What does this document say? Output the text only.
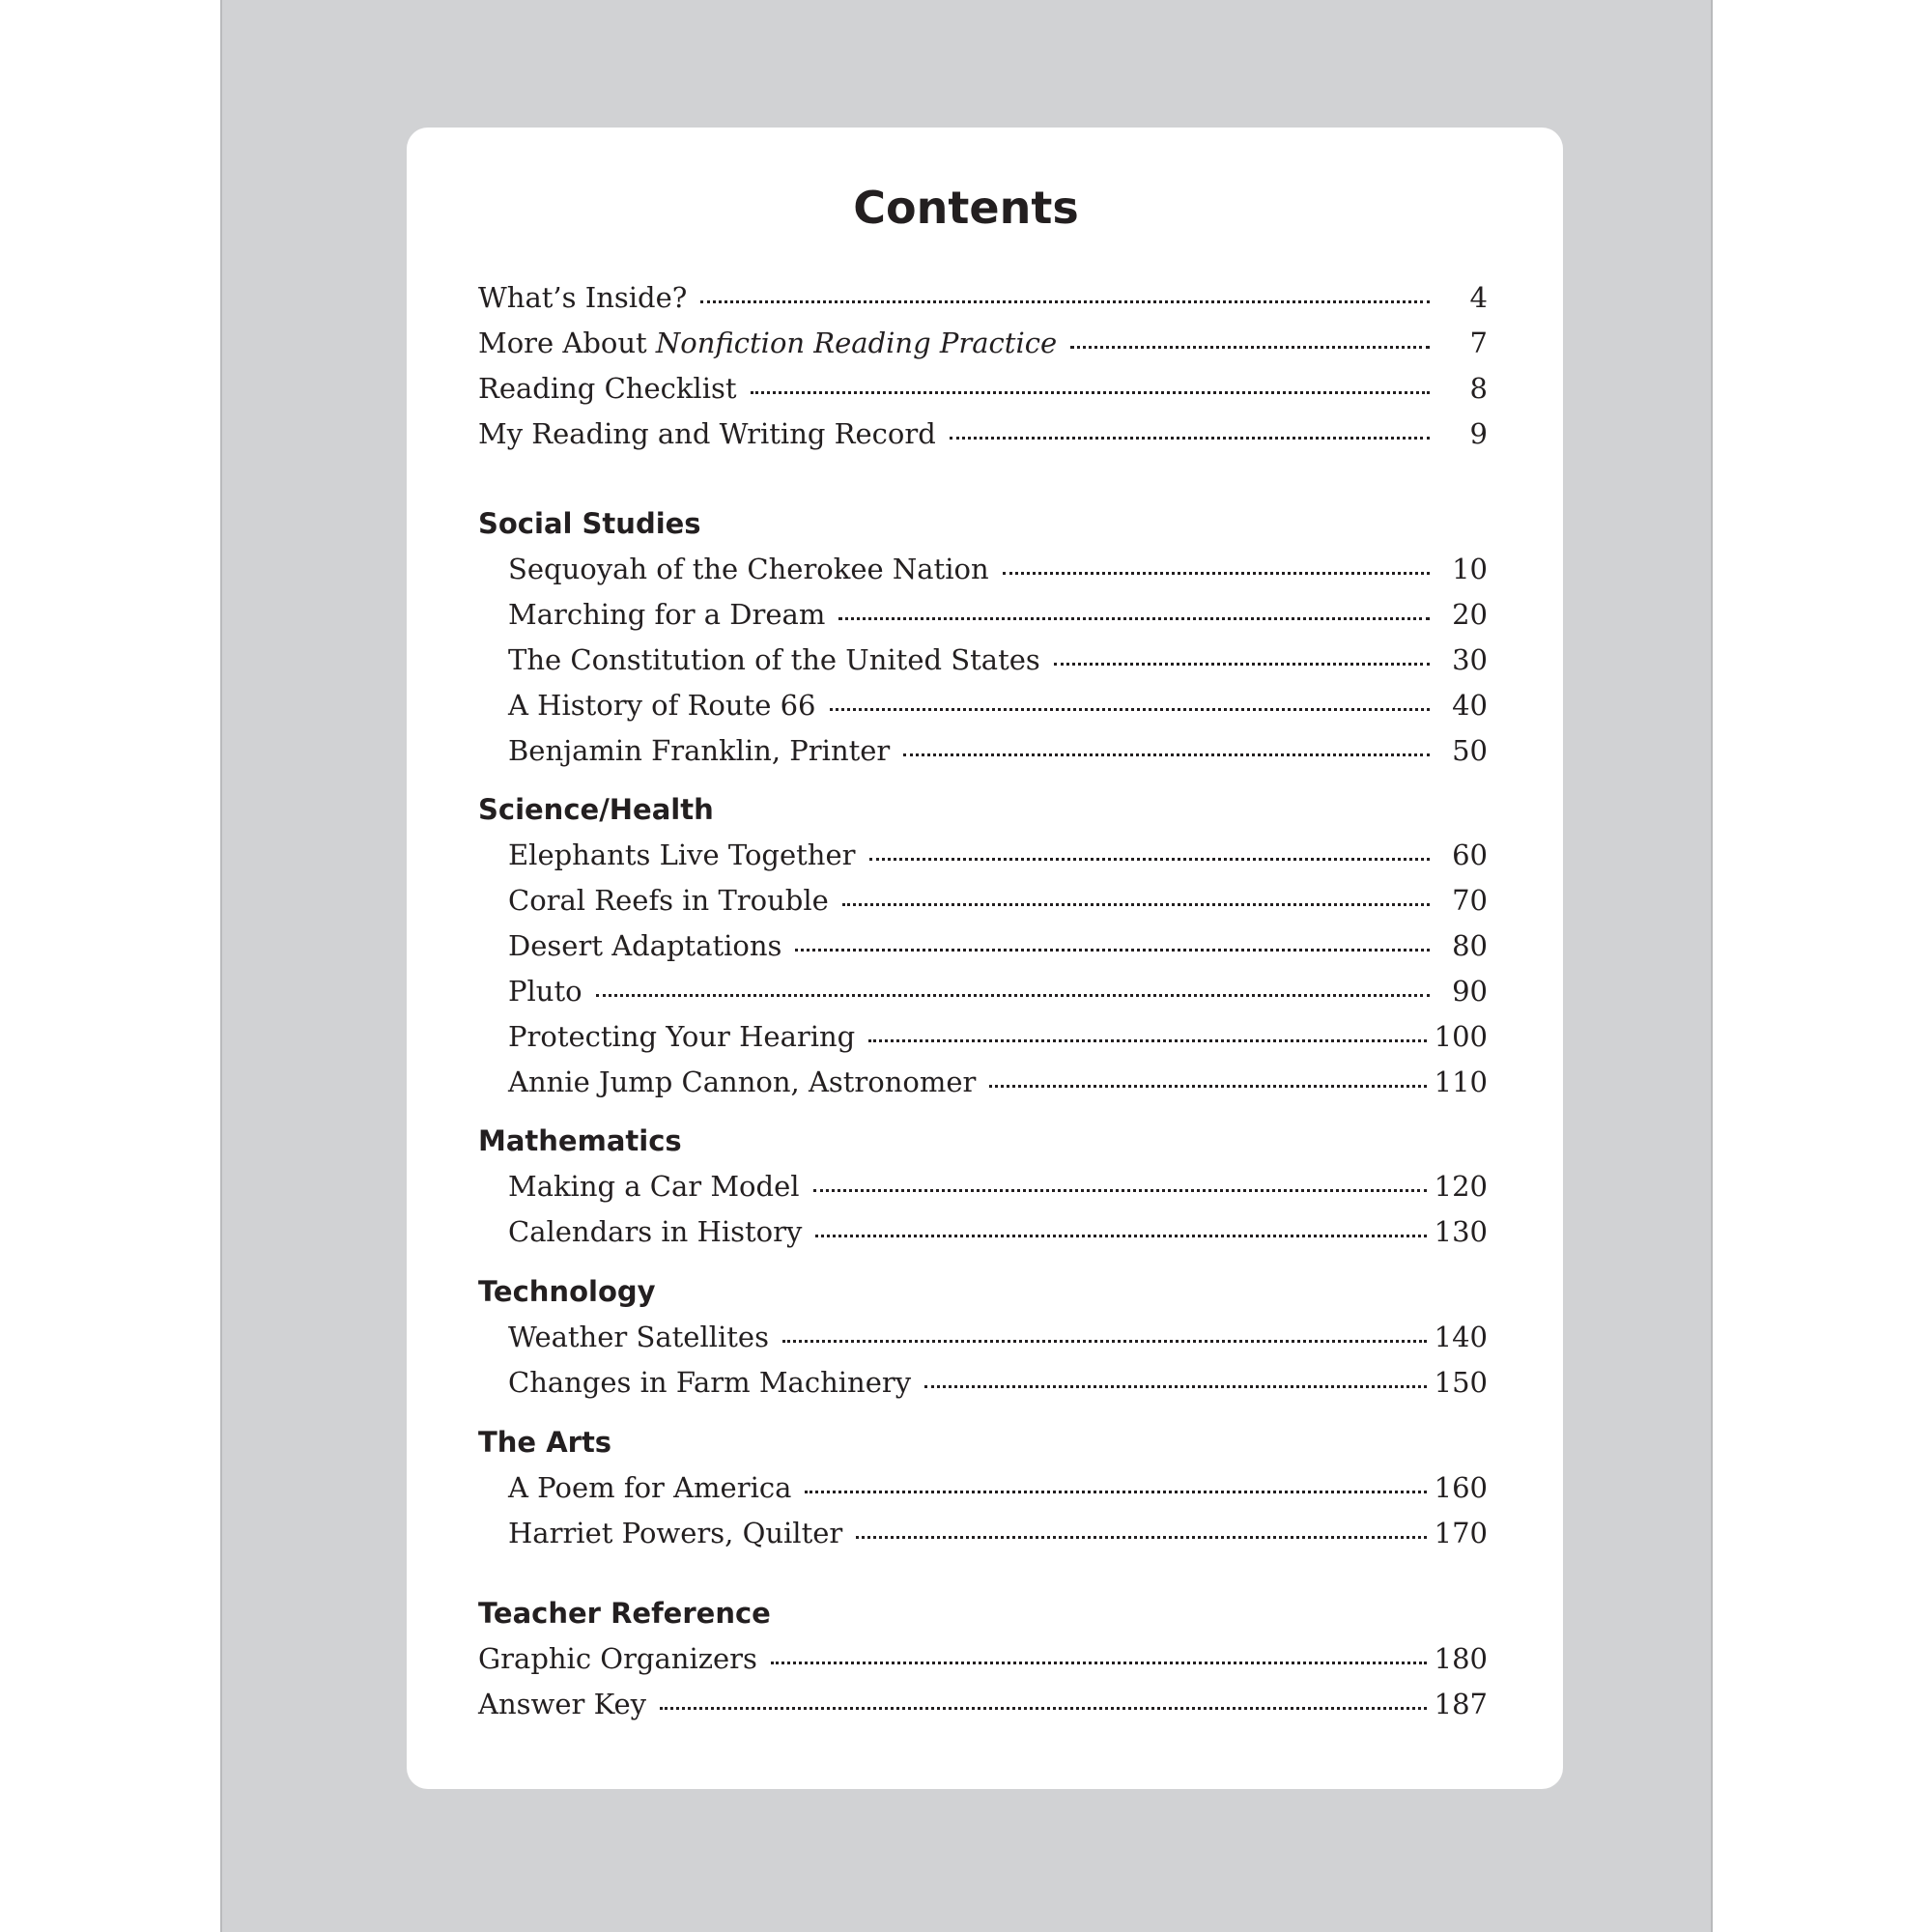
Contents
What’s Inside?	4
More About Nonfiction Reading Practice	7
Reading Checklist	8
My Reading and Writing Record	9
Social Studies
Sequoyah of the Cherokee Nation	10
Marching for a Dream	20
The Constitution of the United States	30
A History of Route 66	40
Benjamin Franklin, Printer	50
Science/Health
Elephants Live Together	60
Coral Reefs in Trouble	70
Desert Adaptations	80
Pluto	90
Protecting Your Hearing	100
Annie Jump Cannon, Astronomer	110
Mathematics
Making a Car Model	120
Calendars in History	130
Technology
Weather Satellites	140
Changes in Farm Machinery	150
The Arts
A Poem for America	160
Harriet Powers, Quilter	170
Teacher Reference
Graphic Organizers	180
Answer Key	187
